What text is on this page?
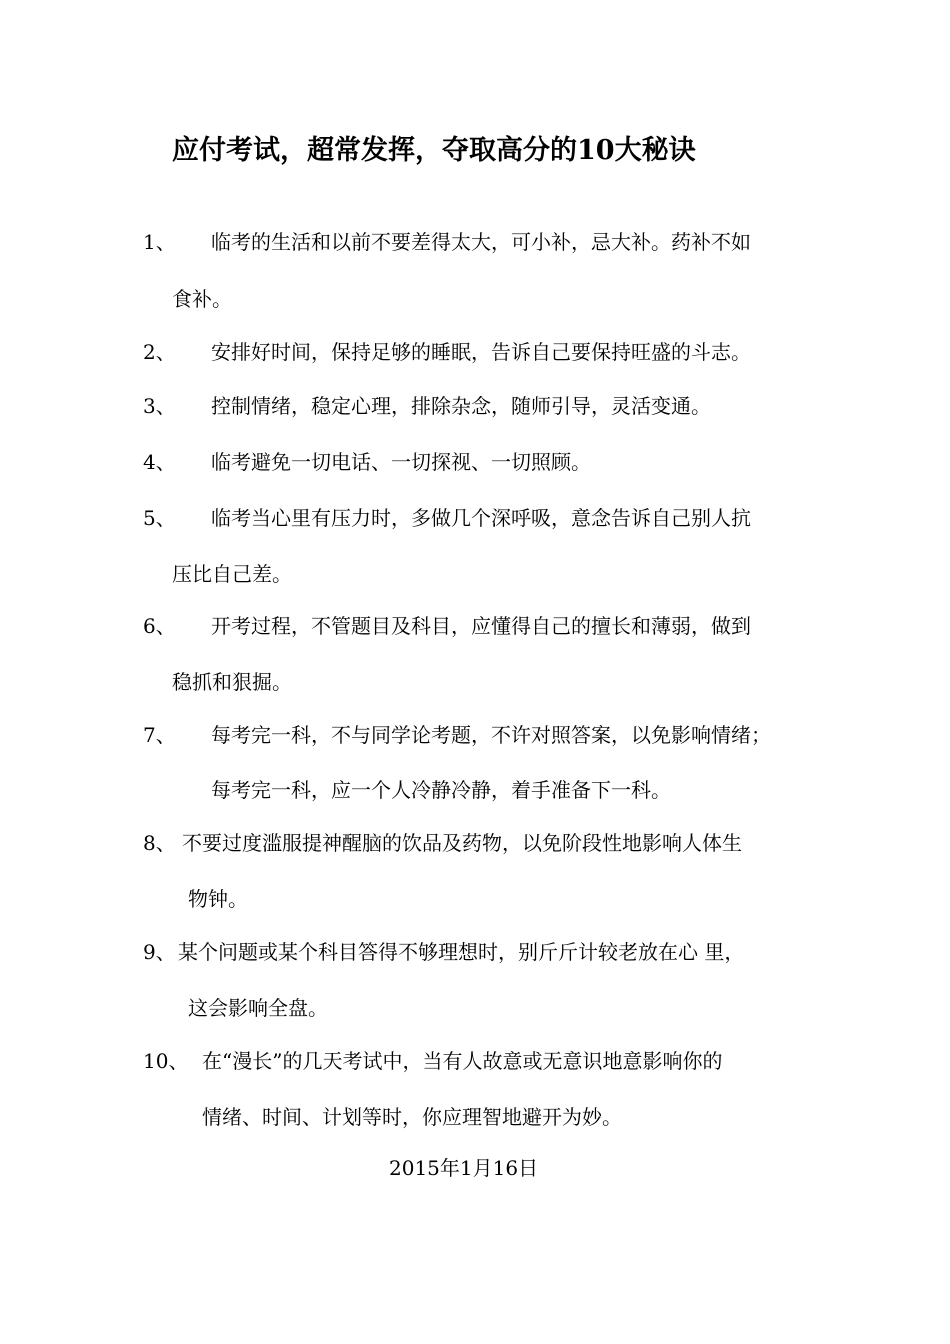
应付考试，超常发挥，夺取高分的10大秘诀
1、 临考的生活和以前不要差得太大，可小补，忌大补。药补不如
食补。
2、 安排好时间，保持足够的睡眠，告诉自己要保持旺盛的斗志。
3、 控制情绪，稳定心理，排除杂念，随师引导，灵活变通。
4、 临考避免一切电话、一切探视、一切照顾。
5、 临考当心里有压力时，多做几个深呼吸，意念告诉自己别人抗
压比自己差。
6、 开考过程，不管题目及科目，应懂得自己的擅长和薄弱，做到
稳抓和狠掘。
7、 每考完一科，不与同学论考题，不许对照答案，以免影响情绪；
每考完一科，应一个人冷静冷静，着手准备下一科。
8、 不要过度滥服提神醒脑的饮品及药物，以免阶段性地影响人体生
物钟。
9、 某个问题或某个科目答得不够理想时，别斤斤计较老放在心 里，
这会影响全盘。
10、 在“漫长”的几天考试中，当有人故意或无意识地意影响你的
情绪、时间、计划等时，你应理智地避开为妙。
2015年1月16日
